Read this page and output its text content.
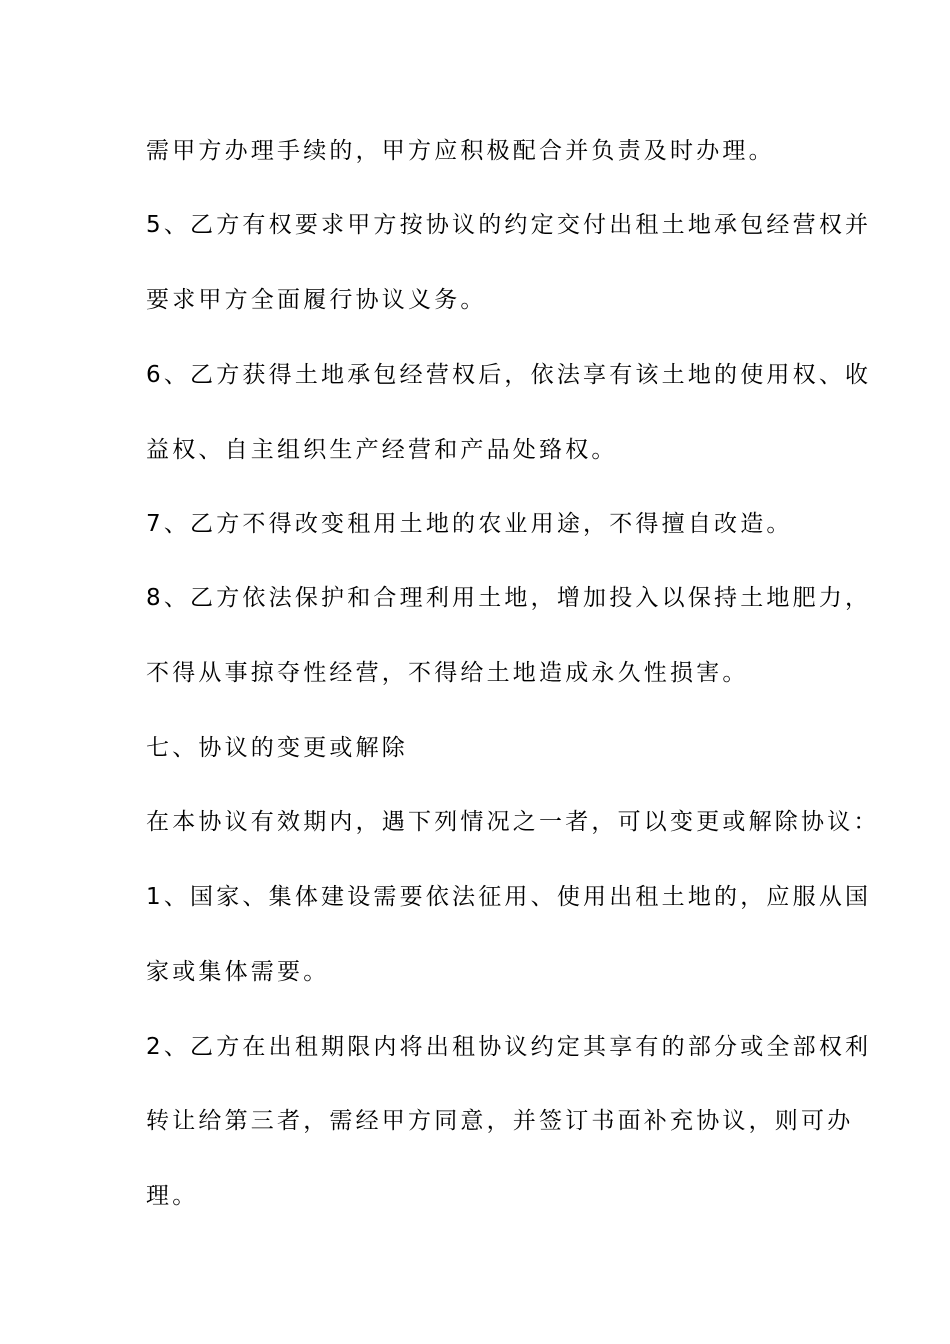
需甲方办理手续的，甲方应积极配合并负责及时办理。
5、乙方有权要求甲方按协议的约定交付出租土地承包经营权并
要求甲方全面履行协议义务。
6、乙方获得土地承包经营权后，依法享有该土地的使用权、收
益权、自主组织生产经营和产品处臵权。
7、乙方不得改变租用土地的农业用途，不得擅自改造。
8、乙方依法保护和合理利用土地，增加投入以保持土地肥力，
不得从事掠夺性经营，不得给土地造成永久性损害。
七、协议的变更或解除
在本协议有效期内，遇下列情况之一者，可以变更或解除协议：
1、国家、集体建设需要依法征用、使用出租土地的，应服从国
家或集体需要。
2、乙方在出租期限内将出租协议约定其享有的部分或全部权利
转让给第三者，需经甲方同意，并签订书面补充协议，则可办
理。
